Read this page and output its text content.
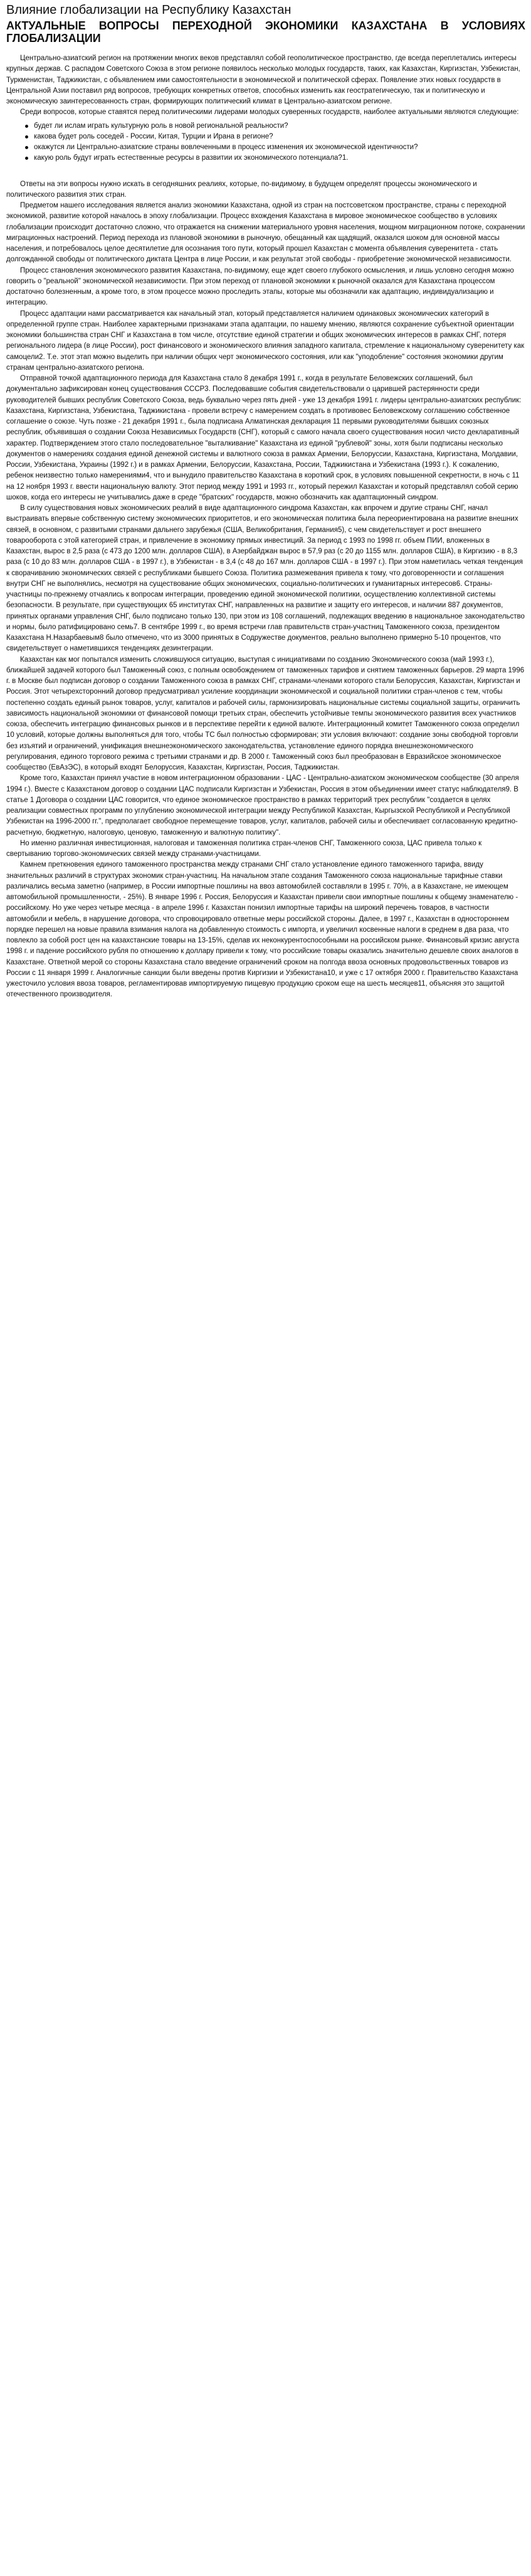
Влияние глобализации на Республику Казахстан
АКТУАЛЬНЫЕ ВОПРОСЫ ПЕРЕХОДНОЙ ЭКОНОМИКИ КАЗАХСТАНА В УСЛОВИЯХ ГЛОБАЛИЗАЦИИ

Центрально-азиатский регион на протяжении многих веков представлял собой геополитическое пространство, где всегда переплетались интересы крупных держав. С распадом Советского Союза в этом регионе появилось несколько молодых государств, таких, как Казахстан, Киргизстан, Узбекистан, Туркменистан, Таджикистан, с объявлением ими самостоятельности в экономической и политической сферах. Появление этих новых государств в Центральной Азии поставил ряд вопросов, требующих конкретных ответов, способных изменить как геостратегическую, так и политическую и экономическую заинтересованность стран, формирующих политический климат в Центрально-азиатском регионе.

Среди вопросов, которые ставятся перед политическими лидерами молодых суверенных государств, наиболее актуальными являются следующие:

будет ли ислам играть культурную роль в новой региональной реальности?
какова будет роль соседей - России, Китая, Турции и Ирана в регионе?
окажутся ли Центрально-азиатские страны вовлеченными в процесс изменения их экономической идентичности?
какую роль будут играть естественные ресурсы в развитии их экономического потенциала?1.

Ответы на эти вопросы нужно искать в сегодняшних реалиях, которые, по-видимому, в будущем определят процессы экономического и политического развития этих стран.

Предметом нашего исследования является анализ экономики Казахстана, одной из стран на постсоветском пространстве, страны с переходной экономикой, развитие которой началось в эпоху глобализации. Процесс вхождения Казахстана в мировое экономическое сообщество в условиях глобализации происходит достаточно сложно, что отражается на снижении материального уровня населения, мощном миграционном потоке, сохранении миграционных настроений. Период перехода из плановой экономики в рыночную, обещанный как щадящий, оказался шоком для основной массы населения, и потребовалось целое десятилетие для осознания того пути, который прошел Казахстан с момента объявления суверенитета - стать долгожданной свободы от политического диктата Центра в лице России, и как результат этой свободы - приобретение экономической независимости.

Процесс становления экономического развития Казахстана, по-видимому, еще ждет своего глубокого осмысления, и лишь условно сегодня можно говорить о "реальной" экономической независимости. При этом переход от плановой экономики к рыночной оказался для Казахстана процессом достаточно болезненным, а кроме того, в этом процессе можно проследить этапы, которые мы обозначили как адаптацию, индивидуализацию и интеграцию.

Процесс адаптации нами рассматривается как начальный этап, который представляется наличием одинаковых экономических категорий в определенной группе стран. Наиболее характерными признаками этапа адаптации, по нашему мнению, являются сохранение субъектной ориентации экономики большинства стран СНГ и Казахстана в том числе, отсутствие единой стратегии и общих экономических интересов в рамках СНГ, потеря регионального лидера (в лице России), рост финансового и экономического влияния западного капитала, стремление к национальному суверенитету как самоцели2. Т.е. этот этап можно выделить при наличии общих черт экономического состояния, или как "уподобление" состояния экономики другим странам центрально-азиатского региона.

Отправной точкой адаптационного периода для Казахстана стало 8 декабря 1991 г., когда в результате Беловежских соглашений, был документально зафиксирован конец существования СССР3. Последовавшие события свидетельствовали о царившей растерянности среди руководителей бывших республик Советского Союза, ведь буквально через пять дней - уже 13 декабря 1991 г. лидеры центрально-азиатских республик: Казахстана, Киргизстана, Узбекистана, Таджикистана - провели встречу с намерением создать в противовес Беловежскому соглашению собственное соглашение о союзе. Чуть позже - 21 декабря 1991 г., была подписана Алматинская декларация 11 первыми руководителями бывших союзных республик, объявившая о создании Союза Независимых Государств (СНГ), который с самого начала своего существования носил чисто декларативный характер. Подтверждением этого стало последовательное "выталкивание" Казахстана из единой "рублевой" зоны, хотя были подписаны несколько документов о намерениях создания единой денежной системы и валютного союза в рамках Армении, Белоруссии, Казахстана, Киргизстана, Молдавии, России, Узбекистана, Украины (1992 г.) и в рамках Армении, Белоруссии, Казахстана, России, Таджикистана и Узбекистана (1993 г.). К сожалению, ребенок неизвестно только намерениями4, что и вынудило правительство Казахстана в короткий срок, в условиях повышенной секретности, в ночь с 11 на 12 ноября 1993 г. ввести национальную валюту. Этот период между 1991 и 1993 гг., который пережил Казахстан и который представлял собой серию шоков, когда его интересы не учитывались даже в среде "братских" государств, можно обозначить как адаптационный синдром.

В силу существования новых экономических реалий в виде адаптационного синдрома Казахстан, как впрочем и другие страны СНГ, начал выстраивать впервые собственную систему экономических приоритетов, и его экономическая политика была переориентирована на развитие внешних связей, в основном, с развитыми странами дальнего зарубежья (США, Великобритания, Германия5), с чем свидетельствует и рост внешнего товарооборота с этой категорией стран, и привлечение в экономику прямых инвестиций. За период с 1993 по 1998 гг. объем ПИИ, вложенных в Казахстан, вырос в 2,5 раза (с 473 до 1200 млн. долларов США), в Азербайджан вырос в 57,9 раз (с 20 до 1155 млн. долларов США), в Киргизию - в 8,3 раза (с 10 до 83 млн. долларов США - в 1997 г.), в Узбекистан - в 3,4 (с 48 до 167 млн. долларов США - в 1997 г.). При этом наметилась четкая тенденция к сворачиванию экономических связей с республиками бывшего Союза. Политика размежевания привела к тому, что договоренности и соглашения внутри СНГ не выполнялись, несмотря на существование общих экономических, социально-политических и гуманитарных интересов6. Страны-участницы по-прежнему отчаялись к вопросам интеграции, проведению единой экономической политики, осуществлению коллективной системы безопасности. В результате, при существующих 65 институтах СНГ, направленных на развитие и защиту его интересов, и наличии 887 документов, принятых органами управления СНГ, было подписано только 130, при этом из 108 соглашений, подлежащих введению в национальное законодательство и нормы, было ратифицировано семь7. В сентябре 1999 г., во время встречи глав правительств стран-участниц Таможенного союза, президентом Казахстана Н.Назарбаевым8 было отмечено, что из 3000 принятых в Содружестве документов, реально выполнено примерно 5-10 процентов, что свидетельствует о наметившихся тенденциях дезинтеграции.

Казахстан как мог попытался изменить сложившуюся ситуацию, выступая с инициативами по созданию Экономического союза (май 1993 г.), ближайшей задачей которого был Таможенный союз, с полным освобождением от таможенных тарифов и снятием таможенных барьеров. 29 марта 1996 г. в Москве был подписан договор о создании Таможенного союза в рамках СНГ, странами-членами которого стали Белоруссия, Казахстан, Киргизстан и Россия. Этот четырехсторонний договор предусматривал усиление координации экономической и социальной политики стран-членов с тем, чтобы постепенно создать единый рынок товаров, услуг, капиталов и рабочей силы, гармонизировать национальные системы социальной защиты, ограничить зависимость национальной экономики от финансовой помощи третьих стран, обеспечить устойчивые темпы экономического развития всех участников союза, обеспечить интеграцию финансовых рынков и в перспективе перейти к единой валюте. Интеграционный комитет Таможенного союза определил 10 условий, которые должны выполняться для того, чтобы ТС был полностью сформирован; эти условия включают: создание зоны свободной торговли без изъятий и ограничений, унификация внешнеэкономического законодательства, установление единого порядка внешнеэкономического регулирования, единого торгового режима с третьими странами и др. В 2000 г. Таможенный союз был преобразован в Евразийское экономическое сообщество (ЕвАзЭС), в который входят Белоруссия, Казахстан, Киргизстан, Россия, Таджикистан.

Кроме того, Казахстан принял участие в новом интеграционном образовании - ЦАС - Центрально-азиатском экономическом сообществе (30 апреля 1994 г.). Вместе с Казахстаном договор о создании ЦАС подписали Киргизстан и Узбекистан, Россия в этом объединении имеет статус наблюдателя9. В статье 1 Договора о создании ЦАС говорится, что единое экономическое пространство в рамках территорий трех республик "создается в целях реализации совместных программ по углублению экономической интеграции между Республикой Казахстан, Кыргызской Республикой и Республикой Узбекистан на 1996-2000 гг.", предполагает свободное перемещение товаров, услуг, капиталов, рабочей силы и обеспечивает согласованную кредитно-расчетную, бюджетную, налоговую, ценовую, таможенную и валютную политику".

Но именно различная инвестиционная, налоговая и таможенная политика стран-членов СНГ, Таможенного союза, ЦАС привела только к свертыванию торгово-экономических связей между странами-участницами.

Камнем преткновения единого таможенного пространства между странами СНГ стало установление единого таможенного тарифа, ввиду значительных различий в структурах экономик стран-участниц. На начальном этапе создания Таможенного союза национальные тарифные ставки различались весьма заметно (например, в России импортные пошлины на ввоз автомобилей составляли в 1995 г. 70%, а в Казахстане, не имеющем автомобильной промышленности, - 25%). В январе 1996 г. Россия, Белоруссия и Казахстан привели свои импортные пошлины к общему знаменателю - российскому. Но уже через четыре месяца - в апреле 1996 г. Казахстан понизил импортные тарифы на широкий перечень товаров, в частности автомобили и мебель, в нарушение договора, что спровоцировало ответные меры российской стороны. Далее, в 1997 г., Казахстан в одностороннем порядке перешел на новые правила взимания налога на добавленную стоимость с импорта, и увеличил косвенные налоги в среднем в два раза, что повлекло за собой рост цен на казахстанские товары на 13-15%, сделав их неконкурентоспособными на российском рынке. Финансовый кризис августа 1998 г. и падение российского рубля по отношению к доллару привели к тому, что российские товары оказались значительно дешевле своих аналогов в Казахстане. Ответной мерой со стороны Казахстана стало введение ограничений сроком на полгода ввоза основных продовольственных товаров из России с 11 января 1999 г. Аналогичные санкции были введены против Киргизии и Узбекистана10, и уже с 17 октября 2000 г. Правительство Казахстана ужесточило условия ввоза товаров, регламентировав импортируемую пищевую продукцию сроком еще на шесть месяцев11, объясняя это защитой отечественного производителя.
